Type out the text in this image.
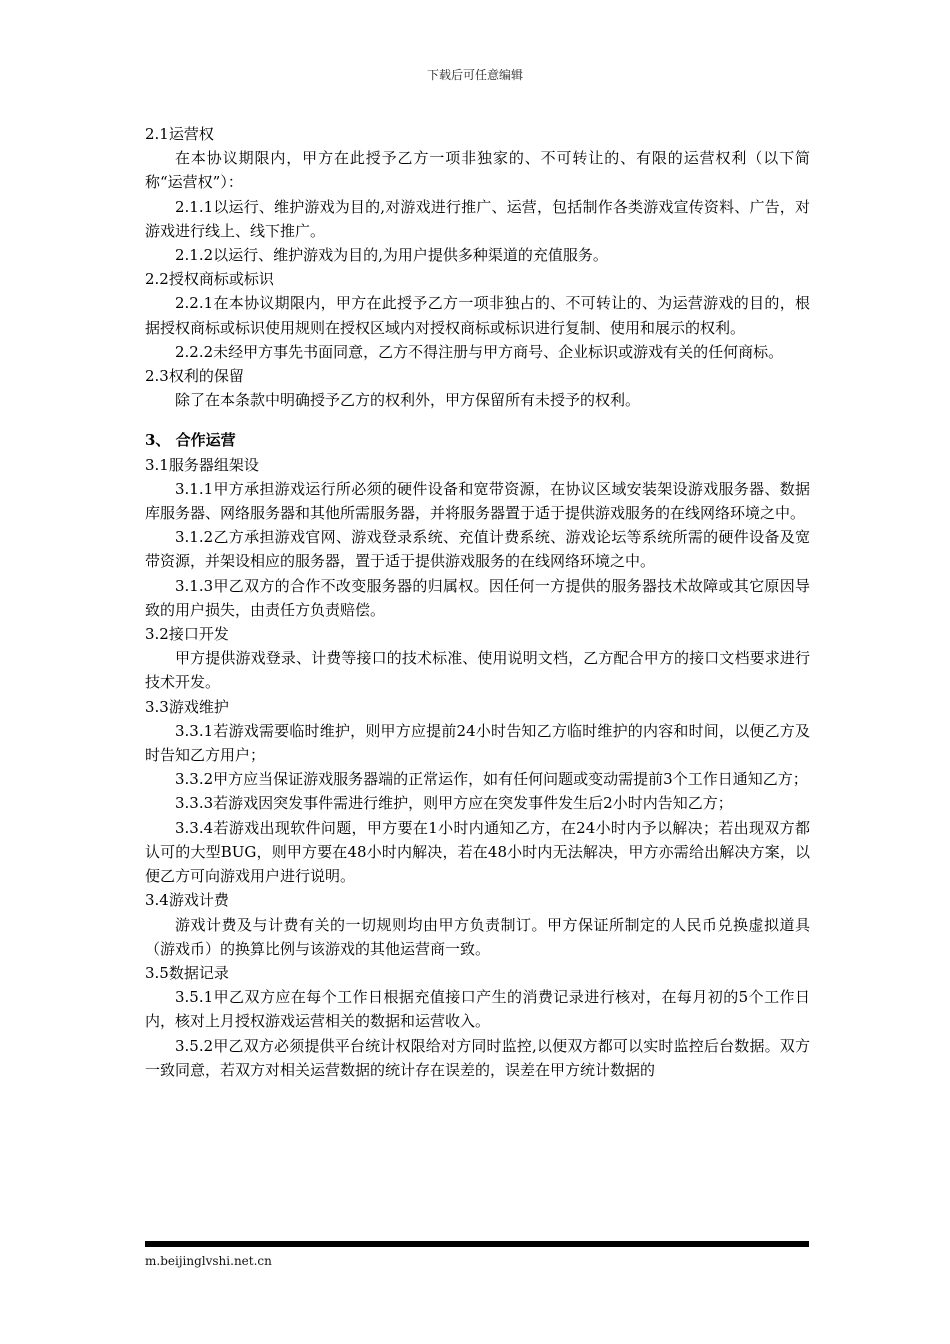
下载后可任意编辑

2.1运营权

在本协议期限内，甲方在此授予乙方一项非独家的、不可转让的、有限的运营权利（以下简称“运营权”）：

2.1.1以运行、维护游戏为目的,对游戏进行推广、运营，包括制作各类游戏宣传资料、广告，对游戏进行线上、线下推广。

2.1.2以运行、维护游戏为目的,为用户提供多种渠道的充值服务。

2.2授权商标或标识

2.2.1在本协议期限内，甲方在此授予乙方一项非独占的、不可转让的、为运营游戏的目的，根据授权商标或标识使用规则在授权区域内对授权商标或标识进行复制、使用和展示的权利。

2.2.2未经甲方事先书面同意，乙方不得注册与甲方商号、企业标识或游戏有关的任何商标。

2.3权利的保留

除了在本条款中明确授予乙方的权利外，甲方保留所有未授予的权利。

3、 合作运营

3.1服务器组架设

3.1.1甲方承担游戏运行所必须的硬件设备和宽带资源，在协议区域安装架设游戏服务器、数据库服务器、网络服务器和其他所需服务器，并将服务器置于适于提供游戏服务的在线网络环境之中。

3.1.2乙方承担游戏官网、游戏登录系统、充值计费系统、游戏论坛等系统所需的硬件设备及宽带资源，并架设相应的服务器，置于适于提供游戏服务的在线网络环境之中。

3.1.3甲乙双方的合作不改变服务器的归属权。因任何一方提供的服务器技术故障或其它原因导致的用户损失，由责任方负责赔偿。

3.2接口开发

甲方提供游戏登录、计费等接口的技术标准、使用说明文档，乙方配合甲方的接口文档要求进行技术开发。

3.3游戏维护

3.3.1若游戏需要临时维护，则甲方应提前24小时告知乙方临时维护的内容和时间，以便乙方及时告知乙方用户；

3.3.2甲方应当保证游戏服务器端的正常运作，如有任何问题或变动需提前3个工作日通知乙方；

3.3.3若游戏因突发事件需进行维护，则甲方应在突发事件发生后2小时内告知乙方；

3.3.4若游戏出现软件问题，甲方要在1小时内通知乙方，在24小时内予以解决；若出现双方都认可的大型BUG，则甲方要在48小时内解决，若在48小时内无法解决，甲方亦需给出解决方案，以便乙方可向游戏用户进行说明。

3.4游戏计费

游戏计费及与计费有关的一切规则均由甲方负责制订。甲方保证所制定的人民币兑换虚拟道具（游戏币）的换算比例与该游戏的其他运营商一致。

3.5数据记录

3.5.1甲乙双方应在每个工作日根据充值接口产生的消费记录进行核对，在每月初的5个工作日内，核对上月授权游戏运营相关的数据和运营收入。

3.5.2甲乙双方必须提供平台统计权限给对方同时监控,以便双方都可以实时监控后台数据。双方一致同意，若双方对相关运营数据的统计存在误差的，误差在甲方统计数据的

m.beijinglvshi.net.cn
